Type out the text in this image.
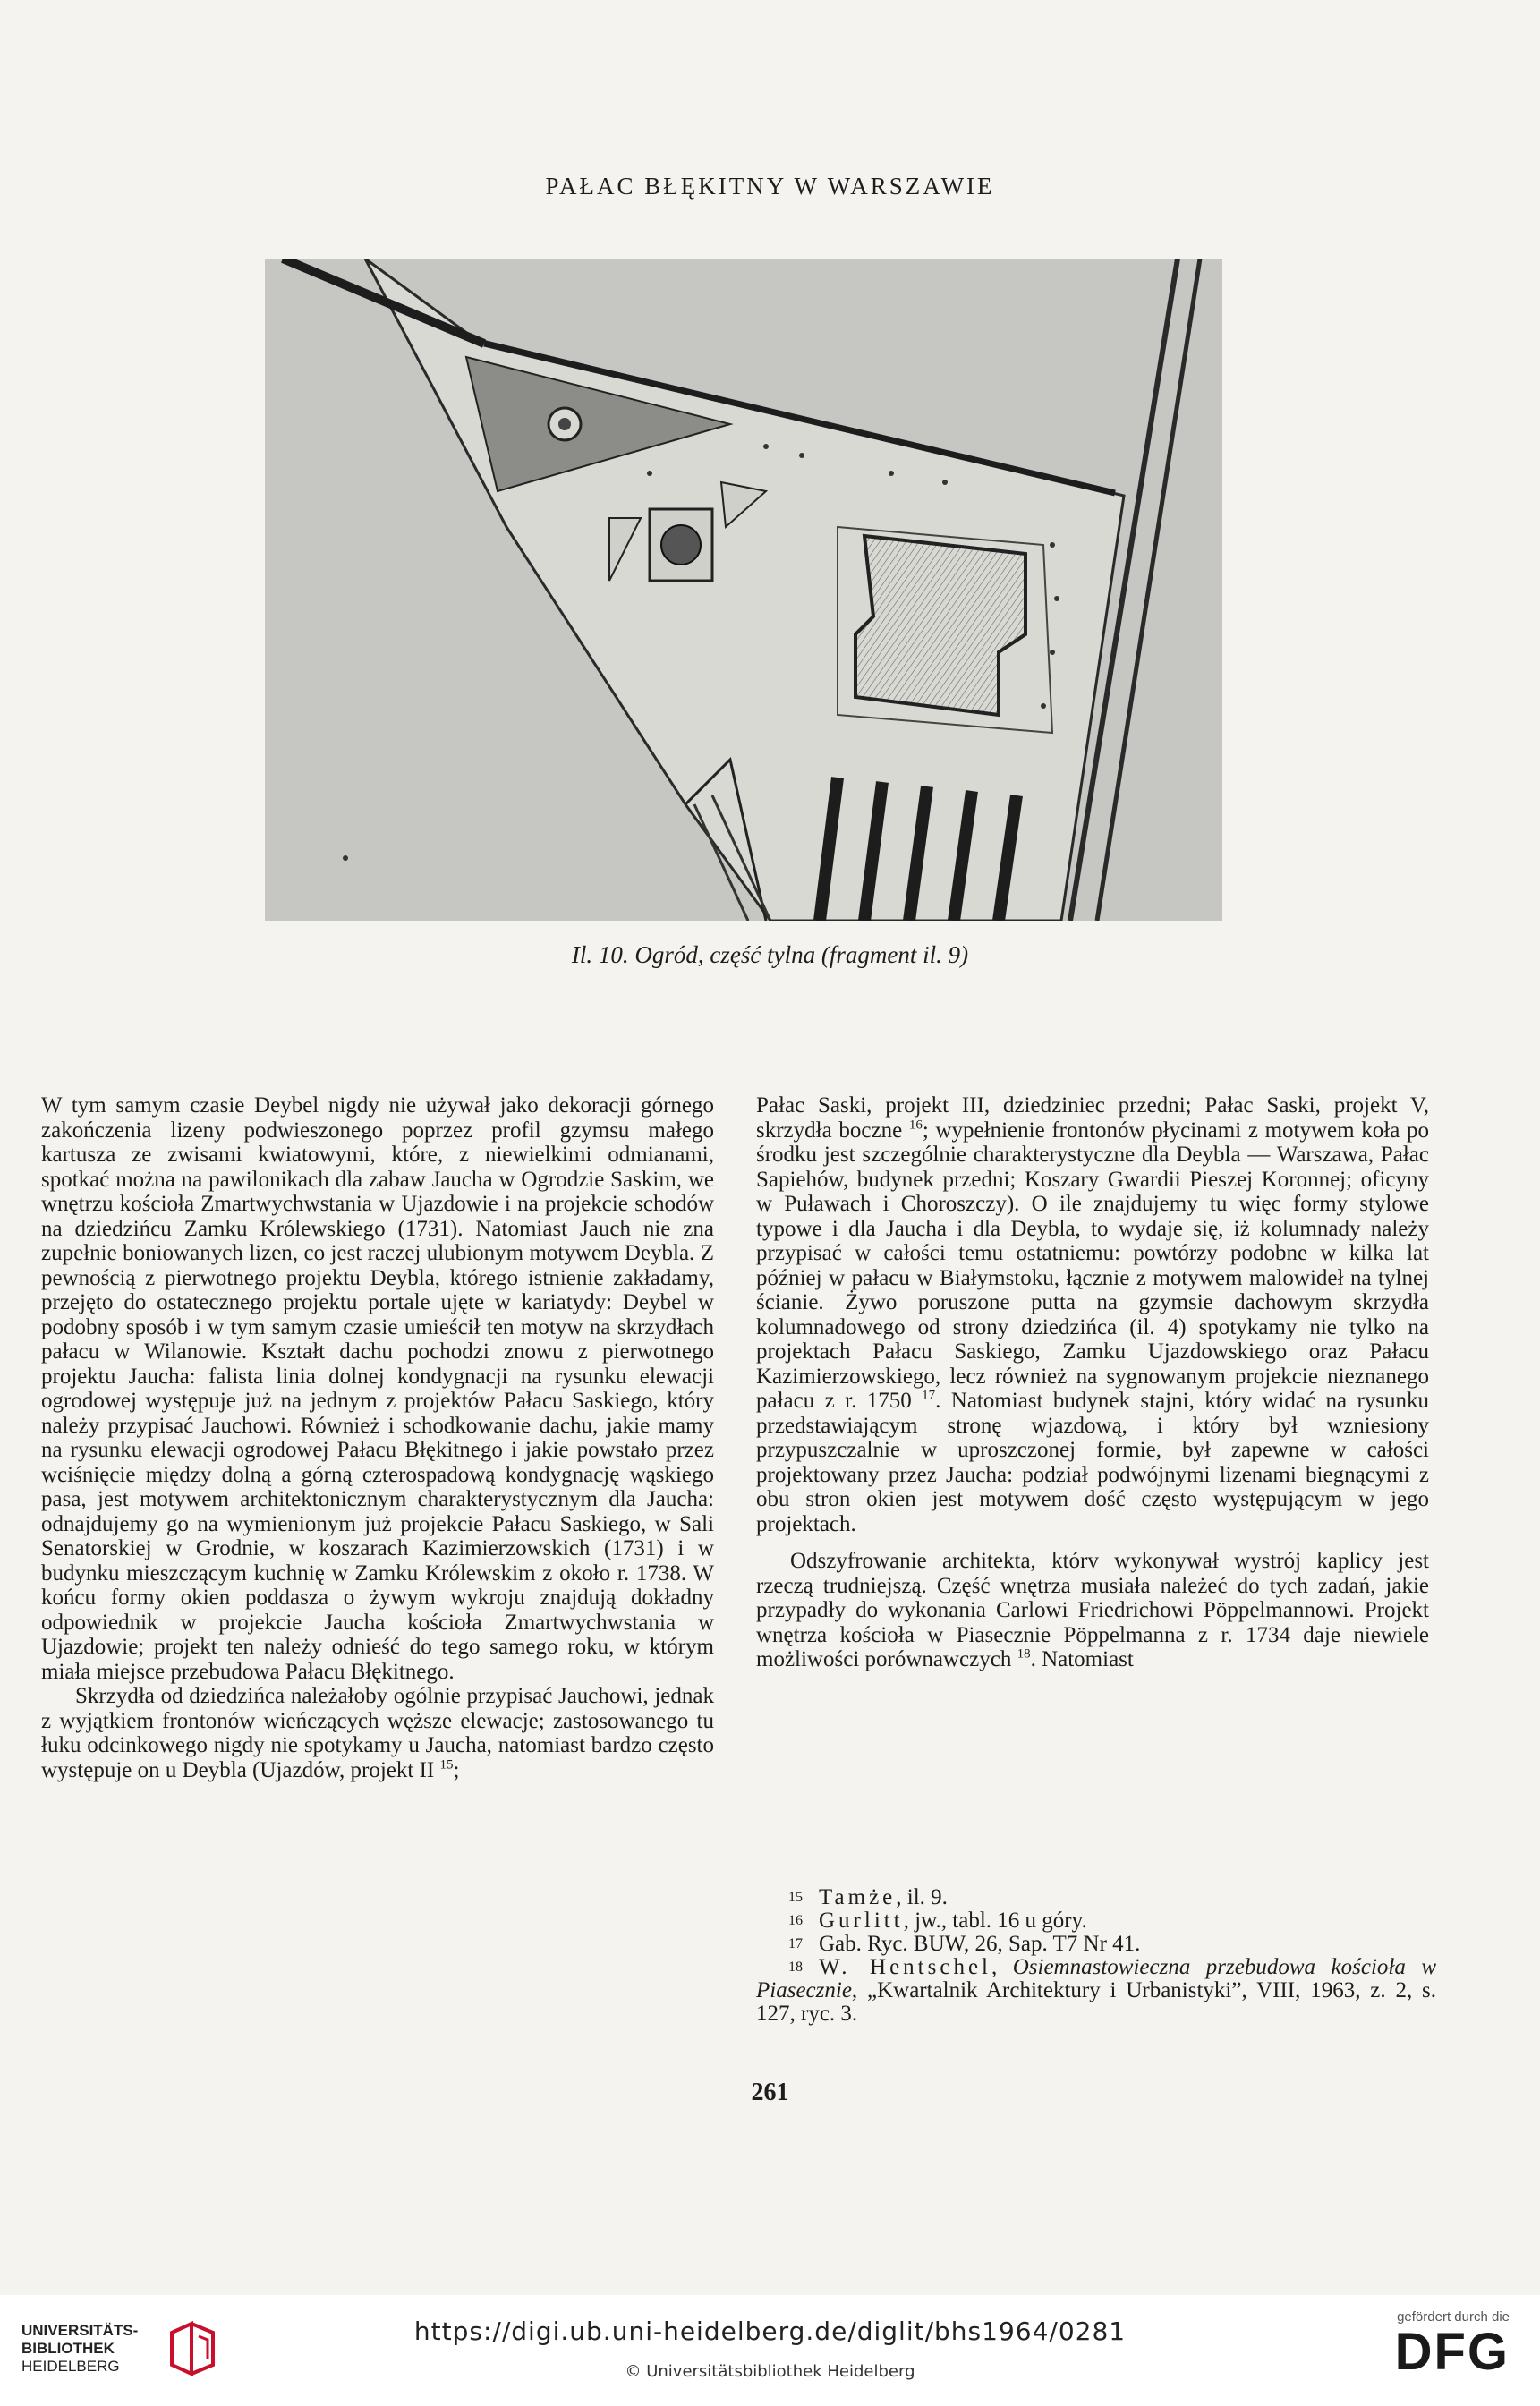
PAŁAC BŁĘKITNY W WARSZAWIE
Il. 10. Ogród, część tylna (fragment il. 9)

W tym samym czasie Deybel nigdy nie używał jako dekoracji górnego zakończenia lizeny podwieszonego poprzez profil gzymsu małego kartusza ze zwisami kwiatowymi, które, z niewielkimi odmianami, spotkać można na pawilonikach dla zabaw Jaucha w Ogrodzie Saskim, we wnętrzu kościoła Zmartwychwstania w Ujazdowie i na projekcie schodów na dziedzińcu Zamku Królewskiego (1731). Natomiast Jauch nie zna zupełnie boniowanych lizen, co jest raczej ulubionym motywem Deybla. Z pewnością z pierwotnego projektu Deybla, którego istnienie zakładamy, przejęto do ostatecznego projektu portale ujęte w kariatydy: Deybel w podobny sposób i w tym samym czasie umieścił ten motyw na skrzydłach pałacu w Wilanowie. Kształt dachu pochodzi znowu z pierwotnego projektu Jaucha: falista linia dolnej kondygnacji na rysunku elewacji ogrodowej występuje już na jednym z projektów Pałacu Saskiego, który należy przypisać Jauchowi. Również i schodkowanie dachu, jakie mamy na rysunku elewacji ogrodowej Pałacu Błękitnego i jakie powstało przez wciśnięcie między dolną a górną czterospadową kondygnację wąskiego pasa, jest motywem architektonicznym charakterystycznym dla Jaucha: odnajdujemy go na wymienionym już projekcie Pałacu Saskiego, w Sali Senatorskiej w Grodnie, w koszarach Kazimierzowskich (1731) i w budynku mieszczącym kuchnię w Zamku Królewskim z około r. 1738. W końcu formy okien poddasza o żywym wykroju znajdują dokładny odpowiednik w projekcie Jaucha kościoła Zmartwychwstania w Ujazdowie; projekt ten należy odnieść do tego samego roku, w którym miała miejsce przebudowa Pałacu Błękitnego.

Skrzydła od dziedzińca należałoby ogólnie przypisać Jauchowi, jednak z wyjątkiem frontonów wieńczących węższe elewacje; zastosowanego tu łuku odcinkowego nigdy nie spotykamy u Jaucha, natomiast bardzo często występuje on u Deybla (Ujazdów, projekt II $^{15}$;

Pałac Saski, projekt III, dziedziniec przedni; Pałac Saski, projekt V, skrzydła boczne $^{16}$; wypełnienie frontonów płycinami z motywem koła po środku jest szczególnie charakterystyczne dla Deybla — Warszawa, Pałac Sapiehów, budynek przedni; Koszary Gwardii Pieszej Koronnej; oficyny w Puławach i Choroszczy). O ile znajdujemy tu więc formy stylowe typowe i dla Jaucha i dla Deybla, to wydaje się, iż kolumnady należy przypisać w całości temu ostatniemu: powtórzy podobne w kilka lat później w pałacu w Białymstoku, łącznie z motywem malowideł na tylnej ścianie. Żywo poruszone putta na gzymsie dachowym skrzydła kolumnadowego od strony dziedzińca (il. 4) spotykamy nie tylko na projektach Pałacu Saskiego, Zamku Ujazdowskiego oraz Pałacu Kazimierzowskiego, lecz również na sygnowanym projekcie nieznanego pałacu z r. 1750 $^{17}$. Natomiast budynek stajni, który widać na rysunku przedstawiającym stronę wjazdową, i który był wzniesiony przypuszczalnie w uproszczonej formie, był zapewne w całości projektowany przez Jaucha: podział podwójnymi lizenami biegnącymi z obu stron okien jest motywem dość często występującym w jego projektach.

Odszyfrowanie architekta, którv wykonywał wystrój kaplicy jest rzeczą trudniejszą. Część wnętrza musiała należeć do tych zadań, jakie przypadły do wykonania Carlowi Friedrichowi Pöppelmannowi. Projekt wnętrza kościoła w Piasecznie Pöppelmanna z r. 1734 daje niewiele możliwości porównawczych $^{18}$. Natomiast

15 Tamże, il. 9.

16 Gurlitt, jw., tabl. 16 u góry.

17 Gab. Ryc. BUW, 26, Sap. T7 Nr 41.

18 W. Hentschel, Osiemnastowieczna przebudowa kościoła w Piasecznie, „Kwartalnik Architektury i Urbanistyki”, VIII, 1963, z. 2, s. 127, ryc. 3.

261
UNIVERSITÄTS-
BIBLIOTHEK
HEIDELBERG
https://digi.ub.uni-heidelberg.de/diglit/bhs1964/0281
© Universitätsbibliothek Heidelberg
gefördert durch die
DFG
